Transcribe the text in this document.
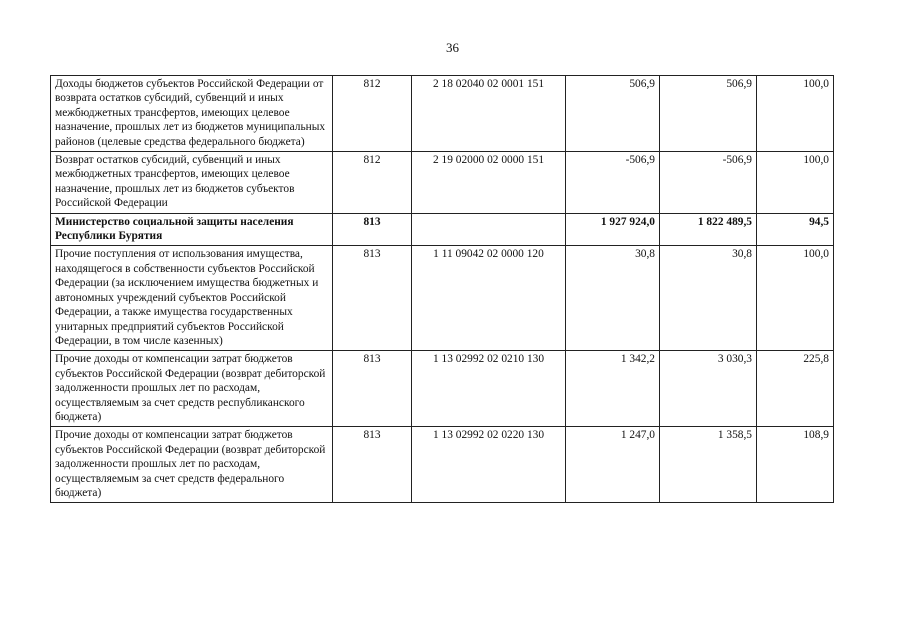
36
Доходы бюджетов субъектов Российской Федерации от возврата остатков субсидий, субвенций и иных межбюджетных трансфертов, имеющих целевое назначение, прошлых лет из бюджетов муниципальных районов (целевые средства федерального бюджета)	812	2 18 02040 02 0001 151	506,9	506,9	100,0
Возврат остатков субсидий, субвенций и иных межбюджетных трансфертов, имеющих целевое назначение, прошлых лет из бюджетов субъектов Российской Федерации	812	2 19 02000 02 0000 151	-506,9	-506,9	100,0
Министерство социальной защиты населения Республики Бурятия	813		1 927 924,0	1 822 489,5	94,5
Прочие поступления от использования имущества, находящегося в собственности субъектов Российской Федерации (за исключением имущества бюджетных и автономных учреждений субъектов Российской Федерации, а также имущества государственных унитарных предприятий субъектов Российской Федерации, в том числе казенных)	813	1 11 09042 02 0000 120	30,8	30,8	100,0
Прочие доходы от компенсации затрат бюджетов субъектов Российской Федерации (возврат дебиторской задолженности прошлых лет по расходам, осуществляемым за счет средств республиканского бюджета)	813	1 13 02992 02 0210 130	1 342,2	3 030,3	225,8
Прочие доходы от компенсации затрат бюджетов субъектов Российской Федерации (возврат дебиторской задолженности прошлых лет по расходам, осуществляемым за счет средств федерального бюджета)	813	1 13 02992 02 0220 130	1 247,0	1 358,5	108,9
